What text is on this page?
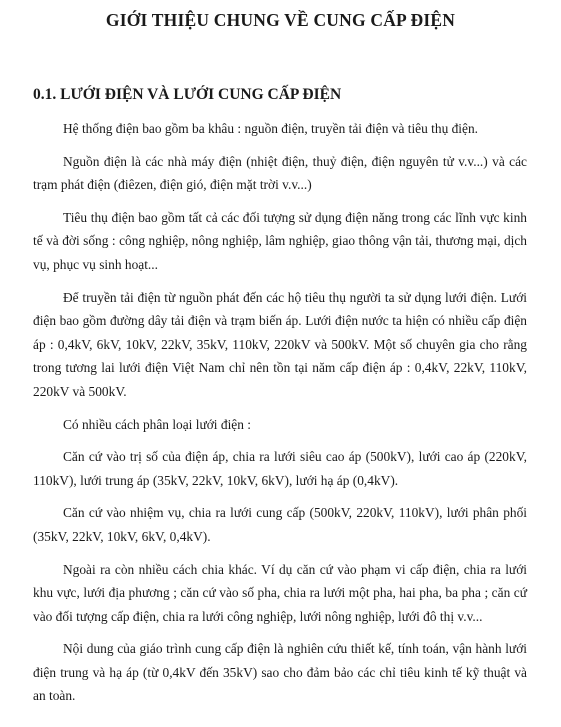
GIỚI THIỆU CHUNG VỀ CUNG CẤP ĐIỆN
0.1. LƯỚI ĐIỆN VÀ LƯỚI CUNG CẤP ĐIỆN

Hệ thống điện bao gồm ba khâu : nguồn điện, truyền tải điện và tiêu thụ điện.

Nguồn điện là các nhà máy điện (nhiệt điện, thuỷ điện, điện nguyên tử v.v...) và các trạm phát điện (điêzen, điện gió, điện mặt trời v.v...)

Tiêu thụ điện bao gồm tất cả các đối tượng sử dụng điện năng trong các lĩnh vực kinh tế và đời sống : công nghiệp, nông nghiệp, lâm nghiệp, giao thông vận tải, thương mại, dịch vụ, phục vụ sinh hoạt...

Để truyền tải điện từ nguồn phát đến các hộ tiêu thụ người ta sử dụng lưới điện. Lưới điện bao gồm đường dây tải điện và trạm biến áp. Lưới điện nước ta hiện có nhiều cấp điện áp : 0,4kV, 6kV, 10kV, 22kV, 35kV, 110kV, 220kV và 500kV. Một số chuyên gia cho rằng trong tương lai lưới điện Việt Nam chỉ nên tồn tại năm cấp điện áp : 0,4kV, 22kV, 110kV, 220kV và 500kV.

Có nhiều cách phân loại lưới điện :

Căn cứ vào trị số của điện áp, chia ra lưới siêu cao áp (500kV), lưới cao áp (220kV, 110kV), lưới trung áp (35kV, 22kV, 10kV, 6kV), lưới hạ áp (0,4kV).

Căn cứ vào nhiệm vụ, chia ra lưới cung cấp (500kV, 220kV, 110kV), lưới phân phối (35kV, 22kV, 10kV, 6kV, 0,4kV).

Ngoài ra còn nhiều cách chia khác. Ví dụ căn cứ vào phạm vi cấp điện, chia ra lưới khu vực, lưới địa phương ; căn cứ vào số pha, chia ra lưới một pha, hai pha, ba pha ; căn cứ vào đối tượng cấp điện, chia ra lưới công nghiệp, lưới nông nghiệp, lưới đô thị v.v...

Nội dung của giáo trình cung cấp điện là nghiên cứu thiết kế, tính toán, vận hành lưới điện trung và hạ áp (từ 0,4kV đến 35kV) sao cho đảm bảo các chỉ tiêu kinh tế kỹ thuật và an toàn.
